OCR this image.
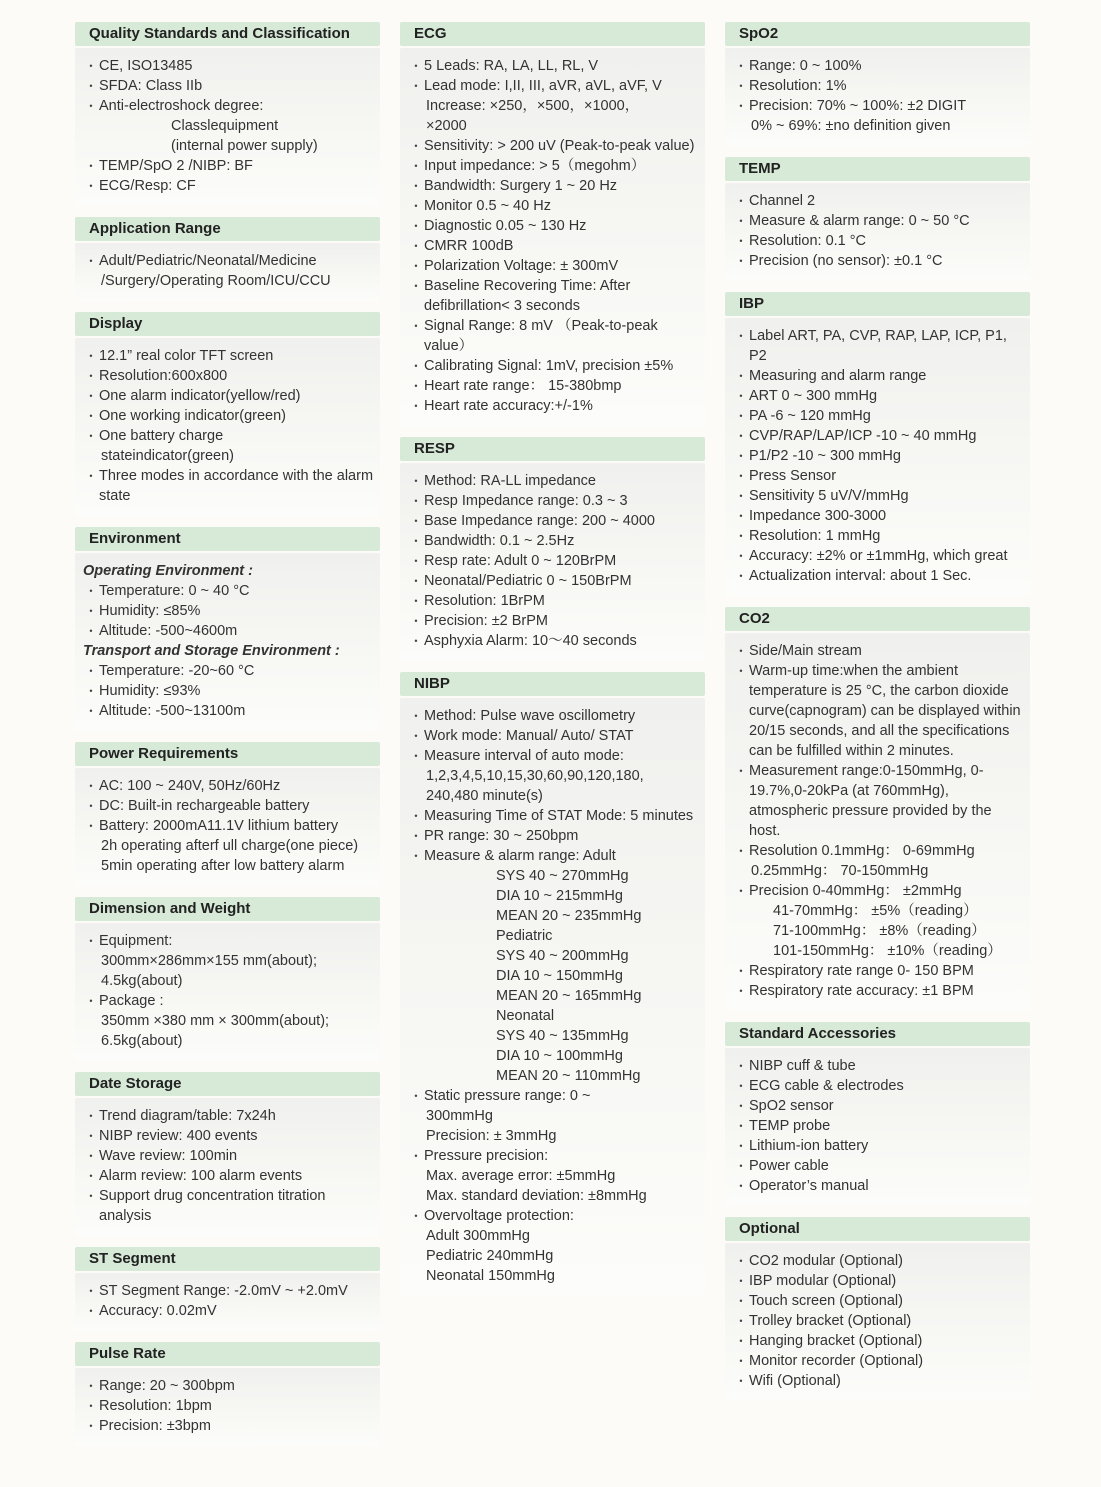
Quality Standards and Classification
• CE, ISO13485
• SFDA: Class IIb
• Anti-electroshock degree:
Classlequipment
(internal power supply)
• TEMP/SpO 2 /NIBP: BF
• ECG/Resp: CF
Application Range
• Adult/Pediatric/Neonatal/Medicine
/Surgery/Operating Room/ICU/CCU
Display
• 12.1” real color TFT screen
• Resolution:600x800
• One alarm indicator(yellow/red)
• One working indicator(green)
• One battery charge
stateindicator(green)
• Three modes in accordance with the alarm state
Environment
Operating Environment :
• Temperature: 0 ~ 40 °C
• Humidity: ≤85%
• Altitude: -500~4600m
Transport and Storage Environment :
• Temperature: -20~60 °C
• Humidity: ≤93%
• Altitude: -500~13100m
Power Requirements
• AC: 100 ~ 240V, 50Hz/60Hz
• DC: Built-in rechargeable battery
• Battery: 2000mA11.1V lithium battery
2h operating afterf ull charge(one piece)
5min operating after low battery alarm
Dimension and Weight
• Equipment:
300mm×286mm×155 mm(about);
4.5kg(about)
• Package :
350mm ×380 mm × 300mm(about);
6.5kg(about)
Date Storage
• Trend diagram/table: 7x24h
• NIBP review: 400 events
• Wave review: 100min
• Alarm review: 100 alarm events
• Support drug concentration titration analysis
ST Segment
• ST Segment Range: -2.0mV ~ +2.0mV
• Accuracy: 0.02mV
Pulse Rate
• Range: 20 ~ 300bpm
• Resolution: 1bpm
• Precision: ±3bpm
ECG
• 5 Leads: RA, LA, LL, RL, V
• Lead mode: I,II, III, aVR, aVL, aVF, V
Increase: ×250，×500，×1000，
×2000
• Sensitivity: > 200 uV (Peak-to-peak value)
• Input impedance: > 5（megohm）
• Bandwidth: Surgery 1 ~ 20 Hz
• Monitor 0.5 ~ 40 Hz
• Diagnostic 0.05 ~ 130 Hz
• CMRR 100dB
• Polarization Voltage: ± 300mV
• Baseline Recovering Time: After defibrillation< 3 seconds
• Signal Range: 8 mV （Peak-to-peak value）
• Calibrating Signal: 1mV, precision ±5%
• Heart rate range： 15-380bmp
• Heart rate accuracy:+/-1%
RESP
• Method: RA-LL impedance
• Resp Impedance range: 0.3 ~ 3
• Base Impedance range: 200 ~ 4000
• Bandwidth: 0.1 ~ 2.5Hz
• Resp rate: Adult 0 ~ 120BrPM
• Neonatal/Pediatric 0 ~ 150BrPM
• Resolution: 1BrPM
• Precision: ±2 BrPM
• Asphyxia Alarm: 10～40 seconds
NIBP
• Method: Pulse wave oscillometry
• Work mode: Manual/ Auto/ STAT
• Measure interval of auto mode:
1,2,3,4,5,10,15,30,60,90,120,180,
240,480 minute(s)
• Measuring Time of STAT Mode: 5 minutes
• PR range: 30 ~ 250bpm
• Measure & alarm range: Adult
SYS 40 ~ 270mmHg
DIA 10 ~ 215mmHg
MEAN 20 ~ 235mmHg
Pediatric
SYS 40 ~ 200mmHg
DIA 10 ~ 150mmHg
MEAN 20 ~ 165mmHg
Neonatal
SYS 40 ~ 135mmHg
DIA 10 ~ 100mmHg
MEAN 20 ~ 110mmHg
• Static pressure range: 0 ~
300mmHg
Precision: ± 3mmHg
• Pressure precision:
Max. average error: ±5mmHg
Max. standard deviation: ±8mmHg
• Overvoltage protection:
Adult 300mmHg
Pediatric 240mmHg
Neonatal 150mmHg
SpO2
• Range: 0 ~ 100%
• Resolution: 1%
• Precision: 70% ~ 100%: ±2 DIGIT
0% ~ 69%: ±no definition given
TEMP
• Channel 2
• Measure & alarm range: 0 ~ 50 °C
• Resolution: 0.1 °C
• Precision (no sensor): ±0.1 °C
IBP
• Label ART, PA, CVP, RAP, LAP, ICP, P1, P2
• Measuring and alarm range
• ART 0 ~ 300 mmHg
• PA -6 ~ 120 mmHg
• CVP/RAP/LAP/ICP -10 ~ 40 mmHg
• P1/P2 -10 ~ 300 mmHg
• Press Sensor
• Sensitivity 5 uV/V/mmHg
• Impedance 300-3000
• Resolution: 1 mmHg
• Accuracy: ±2% or ±1mmHg, which great
• Actualization interval: about 1 Sec.
CO2
• Side/Main stream
• Warm-up time:when the ambient temperature is 25 °C, the carbon dioxide curve(capnogram) can be displayed within 20/15 seconds, and all the specifications can be fulfilled within 2 minutes.
• Measurement range:0-150mmHg, 0-19.7%,0-20kPa (at 760mmHg), atmospheric pressure provided by the host.
• Resolution 0.1mmHg： 0-69mmHg
0.25mmHg： 70-150mmHg
• Precision 0-40mmHg： ±2mmHg
41-70mmHg： ±5%（reading）
71-100mmHg： ±8%（reading）
101-150mmHg： ±10%（reading）
• Respiratory rate range 0- 150 BPM
• Respiratory rate accuracy: ±1 BPM
Standard Accessories
• NIBP cuff & tube
• ECG cable & electrodes
• SpO2 sensor
• TEMP probe
• Lithium-ion battery
• Power cable
• Operator’s manual
Optional
• CO2 modular (Optional)
• IBP modular (Optional)
• Touch screen (Optional)
• Trolley bracket (Optional)
• Hanging bracket (Optional)
• Monitor recorder (Optional)
• Wifi (Optional)
